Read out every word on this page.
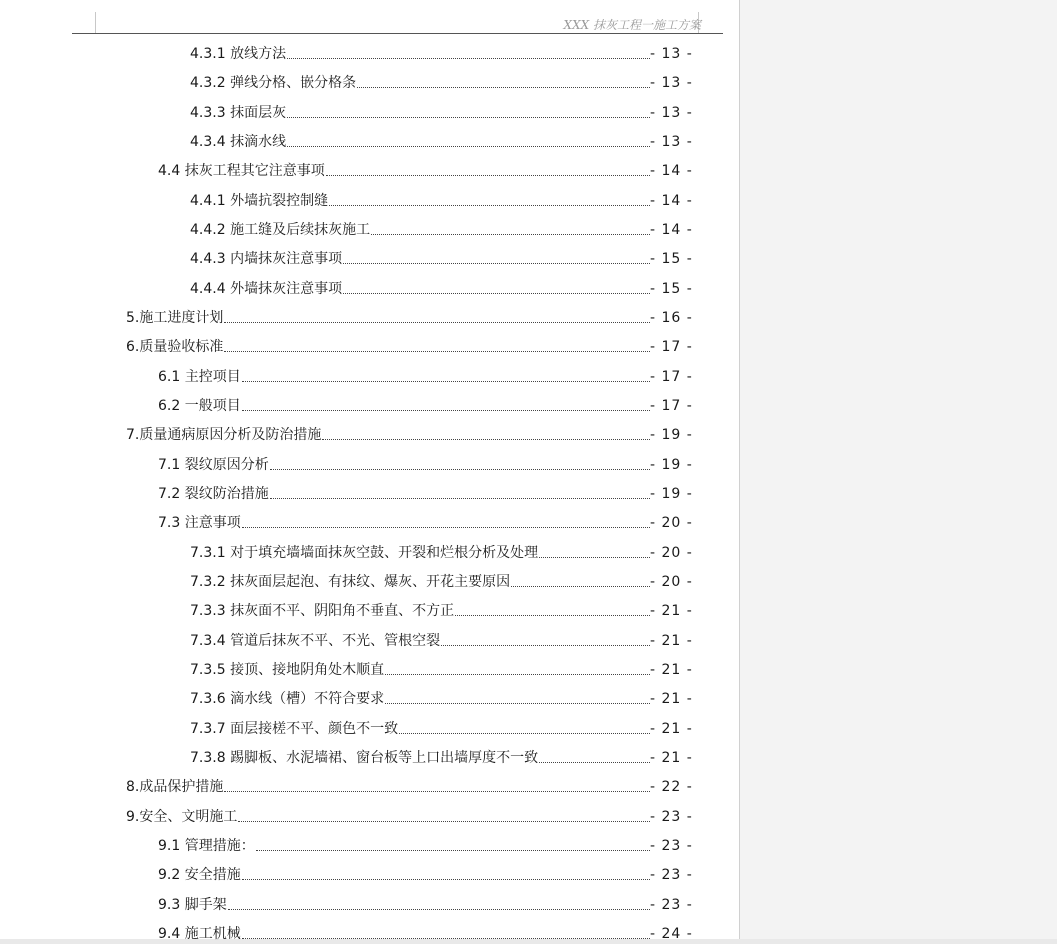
XXX 抹灰工程一施工方案
4.3.1 放线方法	- 13 -
4.3.2 弹线分格、嵌分格条	- 13 -
4.3.3 抹面层灰	- 13 -
4.3.4 抹滴水线	- 13 -
4.4 抹灰工程其它注意事项	- 14 -
4.4.1 外墙抗裂控制缝	- 14 -
4.4.2 施工缝及后续抹灰施工	- 14 -
4.4.3 内墙抹灰注意事项	- 15 -
4.4.4 外墙抹灰注意事项	- 15 -
5.施工进度计划	- 16 -
6.质量验收标准	- 17 -
6.1 主控项目	- 17 -
6.2 一般项目	- 17 -
7.质量通病原因分析及防治措施	- 19 -
7.1 裂纹原因分析	- 19 -
7.2 裂纹防治措施	- 19 -
7.3 注意事项	- 20 -
7.3.1 对于填充墙墙面抹灰空鼓、开裂和烂根分析及处理	- 20 -
7.3.2 抹灰面层起泡、有抹纹、爆灰、开花主要原因	- 20 -
7.3.3 抹灰面不平、阴阳角不垂直、不方正	- 21 -
7.3.4 管道后抹灰不平、不光、管根空裂	- 21 -
7.3.5 接顶、接地阴角处木顺直	- 21 -
7.3.6 滴水线（槽）不符合要求	- 21 -
7.3.7 面层接槎不平、颜色不一致	- 21 -
7.3.8 踢脚板、水泥墙裙、窗台板等上口出墙厚度不一致	- 21 -
8.成品保护措施	- 22 -
9.安全、文明施工	- 23 -
9.1 管理措施：	- 23 -
9.2 安全措施	- 23 -
9.3 脚手架	- 23 -
9.4 施工机械	- 24 -
